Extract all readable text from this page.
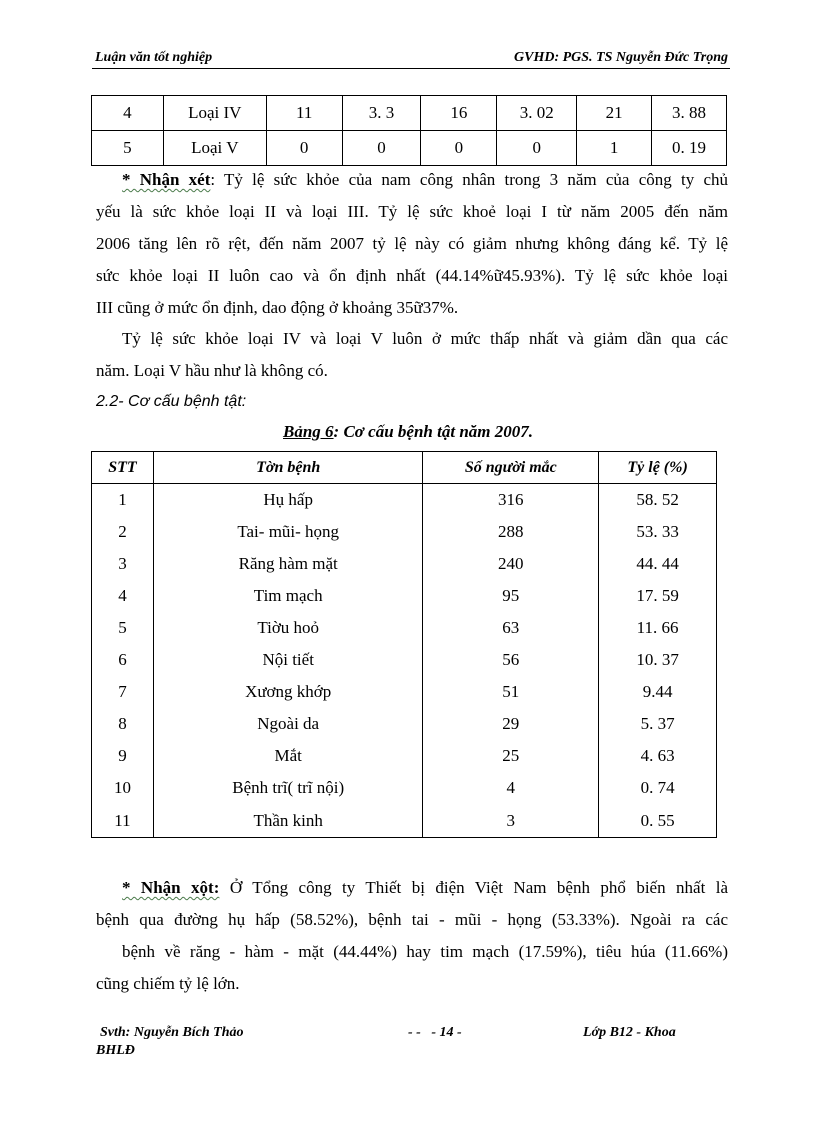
Luận văn tốt nghiệp	GVHD: PGS. TS Nguyễn Đức Trọng
4	Loại IV	11	3. 3	16	3. 02	21	3. 88
5	Loại V	0	0	0	0	1	0. 19
* Nhận xét: Tỷ lệ sức khỏe của nam công nhân trong 3 năm của công ty chủ
yếu là sức khỏe loại II và loại III. Tỷ lệ sức khoẻ loại I từ năm 2005 đến năm
2006 tăng lên rõ rệt, đến năm 2007 tỷ lệ này có giảm nhưng không đáng kể. Tỷ lệ
sức khỏe loại II luôn cao và ổn định nhất (44.14%ữ45.93%). Tỷ lệ sức khỏe loại
III cũng ở mức ổn định, dao động ở khoảng 35ữ37%.
Tỷ lệ sức khỏe loại IV và loại V luôn ở mức thấp nhất và giảm dần qua các
năm. Loại V hầu như là không có.
2.2- Cơ cấu bệnh tật:
Bảng 6: Cơ cấu bệnh tật năm 2007.
STT	Tờn bệnh	Số người mắc	Tỷ lệ (%)
1	Hụ hấp	316	58. 52
2	Tai- mũi- họng	288	53. 33
3	Răng hàm mặt	240	44. 44
4	Tim mạch	95	17. 59
5	Tiờu hoỏ	63	11. 66
6	Nội tiết	56	10. 37
7	Xương khớp	51	9.44
8	Ngoài da	29	5. 37
9	Mắt	25	4. 63
10	Bệnh trĩ( trĩ nội)	4	0. 74
11	Thần kinh	3	0. 55
* Nhận xột: Ở Tổng công ty Thiết bị điện Việt Nam bệnh phổ biến nhất là
bệnh qua đường hụ hấp (58.52%), bệnh tai - mũi - họng (53.33%). Ngoài ra các
bệnh về răng - hàm - mặt (44.44%) hay tim mạch (17.59%), tiêu húa (11.66%)
cũng chiếm tỷ lệ lớn.
Svth: Nguyễn Bích Thảo
BHLĐ
- -   - 14 -	Lớp B12 - Khoa
